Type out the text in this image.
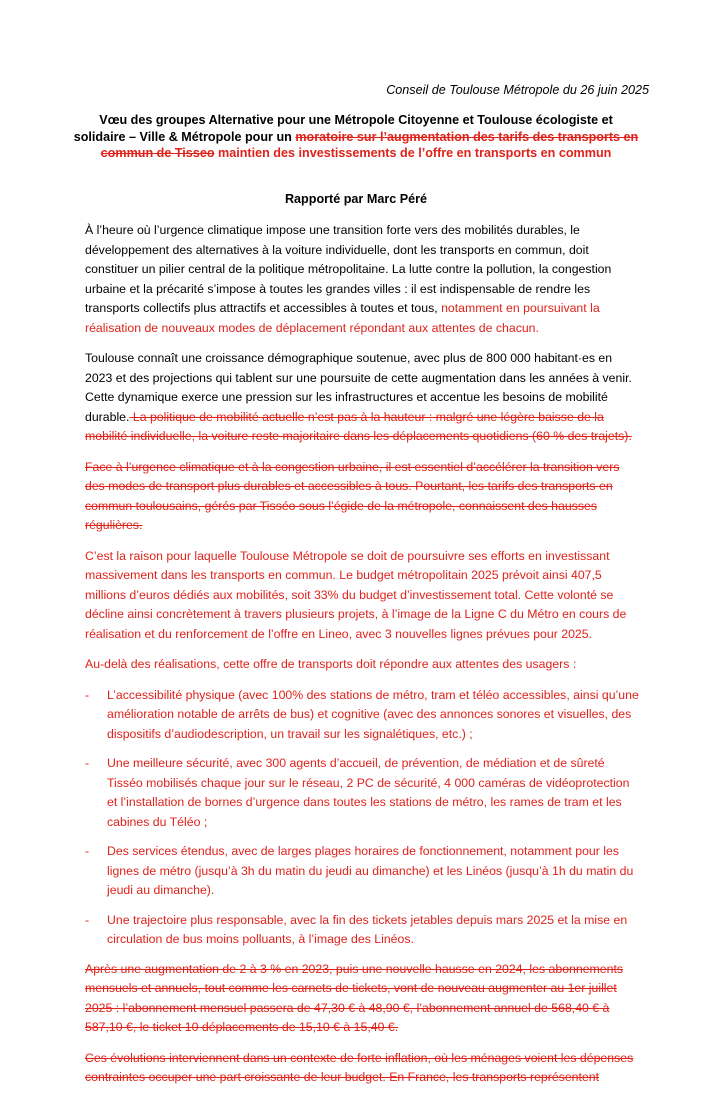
Conseil de Toulouse Métropole du 26 juin 2025
Vœu des groupes Alternative pour une Métropole Citoyenne et Toulouse écologiste et solidaire – Ville & Métropole pour un moratoire sur l’augmentation des tarifs des transports en commun de Tisseo maintien des investissements de l’offre en transports en commun
Rapporté par Marc Péré

À l’heure où l’urgence climatique impose une transition forte vers des mobilités durables, le développement des alternatives à la voiture individuelle, dont les transports en commun, doit constituer un pilier central de la politique métropolitaine. La lutte contre la pollution, la congestion urbaine et la précarité s’impose à toutes les grandes villes : il est indispensable de rendre les transports collectifs plus attractifs et accessibles à toutes et tous, notamment en poursuivant la réalisation de nouveaux modes de déplacement répondant aux attentes de chacun.

Toulouse connaît une croissance démographique soutenue, avec plus de 800 000 habitant·es en 2023 et des projections qui tablent sur une poursuite de cette augmentation dans les années à venir. Cette dynamique exerce une pression sur les infrastructures et accentue les besoins de mobilité durable. La politique de mobilité actuelle n’est pas à la hauteur : malgré une légère baisse de la mobilité individuelle, la voiture reste majoritaire dans les déplacements quotidiens (60 % des trajets).

Face à l’urgence climatique et à la congestion urbaine, il est essentiel d’accélérer la transition vers des modes de transport plus durables et accessibles à tous. Pourtant, les tarifs des transports en commun toulousains, gérés par Tisséo sous l’égide de la métropole, connaissent des hausses régulières.

C’est la raison pour laquelle Toulouse Métropole se doit de poursuivre ses efforts en investissant massivement dans les transports en commun. Le budget métropolitain 2025 prévoit ainsi 407,5 millions d’euros dédiés aux mobilités, soit 33% du budget d’investissement total. Cette volonté se décline ainsi concrètement à travers plusieurs projets, à l’image de la Ligne C du Métro en cours de réalisation et du renforcement de l’offre en Lineo, avec 3 nouvelles lignes prévues pour 2025.

Au-delà des réalisations, cette offre de transports doit répondre aux attentes des usagers :

- L’accessibilité physique (avec 100% des stations de métro, tram et téléo accessibles, ainsi qu’une amélioration notable de arrêts de bus) et cognitive (avec des annonces sonores et visuelles, des dispositifs d’audiodescription, un travail sur les signalétiques, etc.) ;
- Une meilleure sécurité, avec 300 agents d’accueil, de prévention, de médiation et de sûreté Tisséo mobilisés chaque jour sur le réseau, 2 PC de sécurité, 4 000 caméras de vidéoprotection et l’installation de bornes d’urgence dans toutes les stations de métro, les rames de tram et les cabines du Téléo ;
- Des services étendus, avec de larges plages horaires de fonctionnement, notamment pour les lignes de métro (jusqu’à 3h du matin du jeudi au dimanche) et les Linéos (jusqu’à 1h du matin du jeudi au dimanche).
- Une trajectoire plus responsable, avec la fin des tickets jetables depuis mars 2025 et la mise en circulation de bus moins polluants, à l’image des Linéos.

Après une augmentation de 2 à 3 % en 2023, puis une nouvelle hausse en 2024, les abonnements mensuels et annuels, tout comme les carnets de tickets, vont de nouveau augmenter au 1er juillet 2025 : l’abonnement mensuel passera de 47,30 € à 48,90 €, l’abonnement annuel de 568,40 € à 587,10 €, le ticket 10 déplacements de 15,10 € à 15,40 €.

Ces évolutions interviennent dans un contexte de forte inflation, où les ménages voient les dépenses contraintes occuper une part croissante de leur budget. En France, les transports représentent
